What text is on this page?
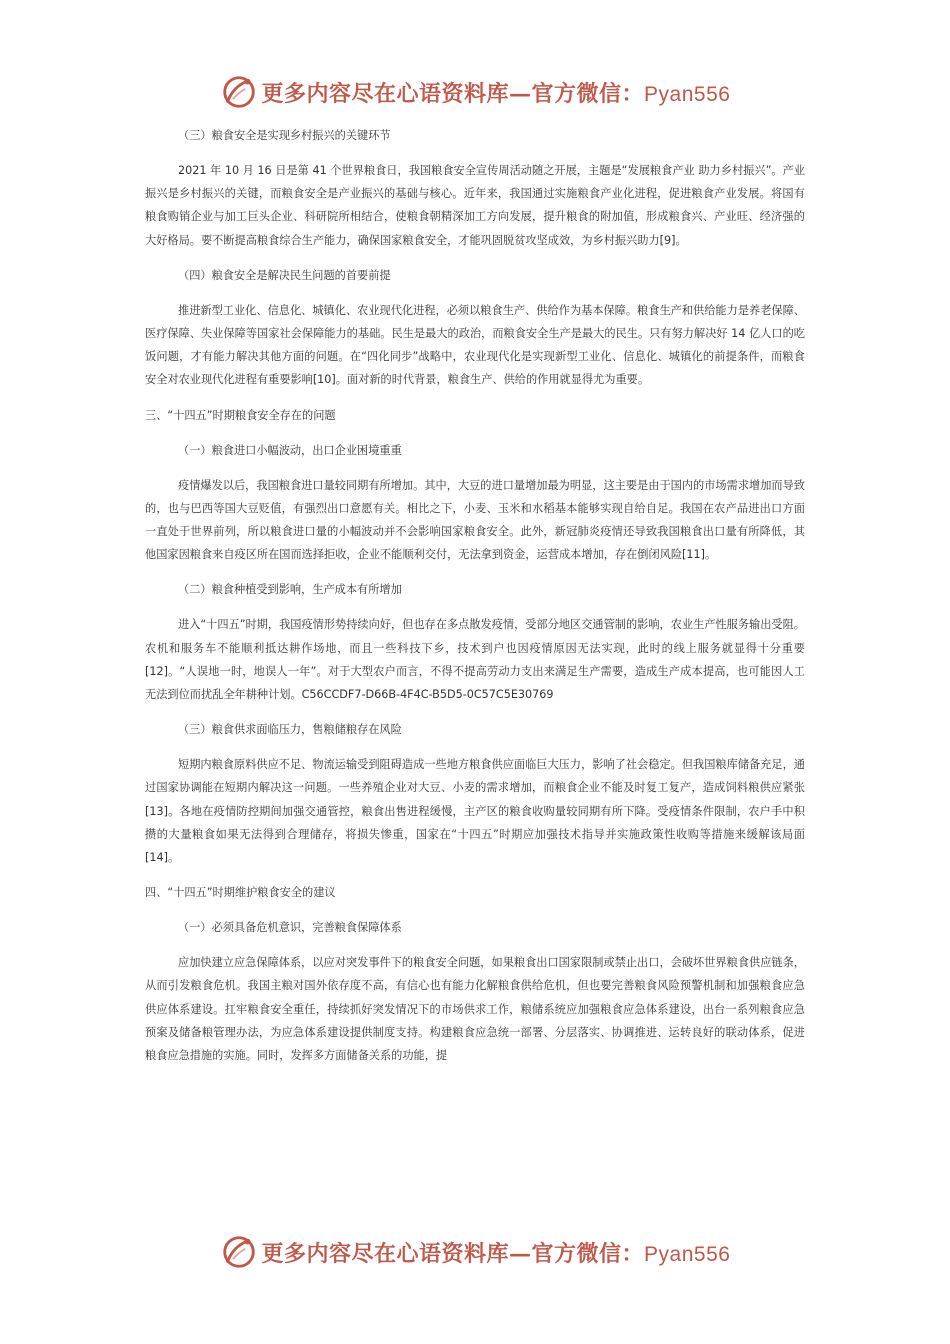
更多内容尽在心语资料库—官方微信：Pyan556

（三）粮食安全是实现乡村振兴的关键环节

2021 年 10 月 16 日是第 41 个世界粮食日，我国粮食安全宣传周活动随之开展，主题是“发展粮食产业 助力乡村振兴”。产业振兴是乡村振兴的关键，而粮食安全是产业振兴的基础与核心。近年来，我国通过实施粮食产业化进程，促进粮食产业发展。将国有粮食购销企业与加工巨头企业、科研院所相结合，使粮食朝精深加工方向发展，提升粮食的附加值，形成粮食兴、产业旺、经济强的大好格局。要不断提高粮食综合生产能力，确保国家粮食安全，才能巩固脱贫攻坚成效，为乡村振兴助力[9]。

（四）粮食安全是解决民生问题的首要前提

推进新型工业化、信息化、城镇化、农业现代化进程，必须以粮食生产、供给作为基本保障。粮食生产和供给能力是养老保障、医疗保障、失业保障等国家社会保障能力的基础。民生是最大的政治，而粮食安全生产是最大的民生。只有努力解决好 14 亿人口的吃饭问题，才有能力解决其他方面的问题。在“四化同步”战略中，农业现代化是实现新型工业化、信息化、城镇化的前提条件，而粮食安全对农业现代化进程有重要影响[10]。面对新的时代背景，粮食生产、供给的作用就显得尤为重要。

三、“十四五”时期粮食安全存在的问题

（一）粮食进口小幅波动，出口企业困境重重

疫情爆发以后，我国粮食进口量较同期有所增加。其中，大豆的进口量增加最为明显，这主要是由于国内的市场需求增加而导致的，也与巴西等国大豆贬值，有强烈出口意愿有关。相比之下，小麦、玉米和水稻基本能够实现自给自足。我国在农产品进出口方面一直处于世界前列，所以粮食进口量的小幅波动并不会影响国家粮食安全。此外，新冠肺炎疫情还导致我国粮食出口量有所降低，其他国家因粮食来自疫区所在国而选择拒收，企业不能顺利交付，无法拿到资金，运营成本增加，存在倒闭风险[11]。

（二）粮食种植受到影响，生产成本有所增加

进入“十四五”时期，我国疫情形势持续向好，但也存在多点散发疫情，受部分地区交通管制的影响，农业生产性服务输出受阻。农机和服务车不能顺利抵达耕作场地，而且一些科技下乡，技术到户也因疫情原因无法实现，此时的线上服务就显得十分重要[12]。“人误地一时，地误人一年”。对于大型农户而言，不得不提高劳动力支出来满足生产需要，造成生产成本提高，也可能因人工无法到位而扰乱全年耕种计划。C56CCDF7-D66B-4F4C-B5D5-0C57C5E30769

（三）粮食供求面临压力，售粮储粮存在风险

短期内粮食原料供应不足、物流运输受到阻碍造成一些地方粮食供应面临巨大压力，影响了社会稳定。但我国粮库储备充足，通过国家协调能在短期内解决这一问题。一些养殖企业对大豆、小麦的需求增加，而粮食企业不能及时复工复产，造成饲料粮供应紧张[13]。各地在疫情防控期间加强交通管控，粮食出售进程缓慢，主产区的粮食收购量较同期有所下降。受疫情条件限制，农户手中积攒的大量粮食如果无法得到合理储存，将损失惨重，国家在“十四五”时期应加强技术指导并实施政策性收购等措施来缓解该局面[14]。

四、“十四五”时期维护粮食安全的建议

（一）必须具备危机意识，完善粮食保障体系

应加快建立应急保障体系，以应对突发事件下的粮食安全问题，如果粮食出口国家限制或禁止出口，会破坏世界粮食供应链条，从而引发粮食危机。我国主粮对国外依存度不高，有信心也有能力化解粮食供给危机，但也要完善粮食风险预警机制和加强粮食应急供应体系建设。扛牢粮食安全重任，持续抓好突发情况下的市场供求工作，粮储系统应加强粮食应急体系建设，出台一系列粮食应急预案及储备粮管理办法，为应急体系建设提供制度支持。构建粮食应急统一部署、分层落实、协调推进、运转良好的联动体系，促进粮食应急措施的实施。同时，发挥多方面储备关系的功能，提

更多内容尽在心语资料库—官方微信：Pyan556
